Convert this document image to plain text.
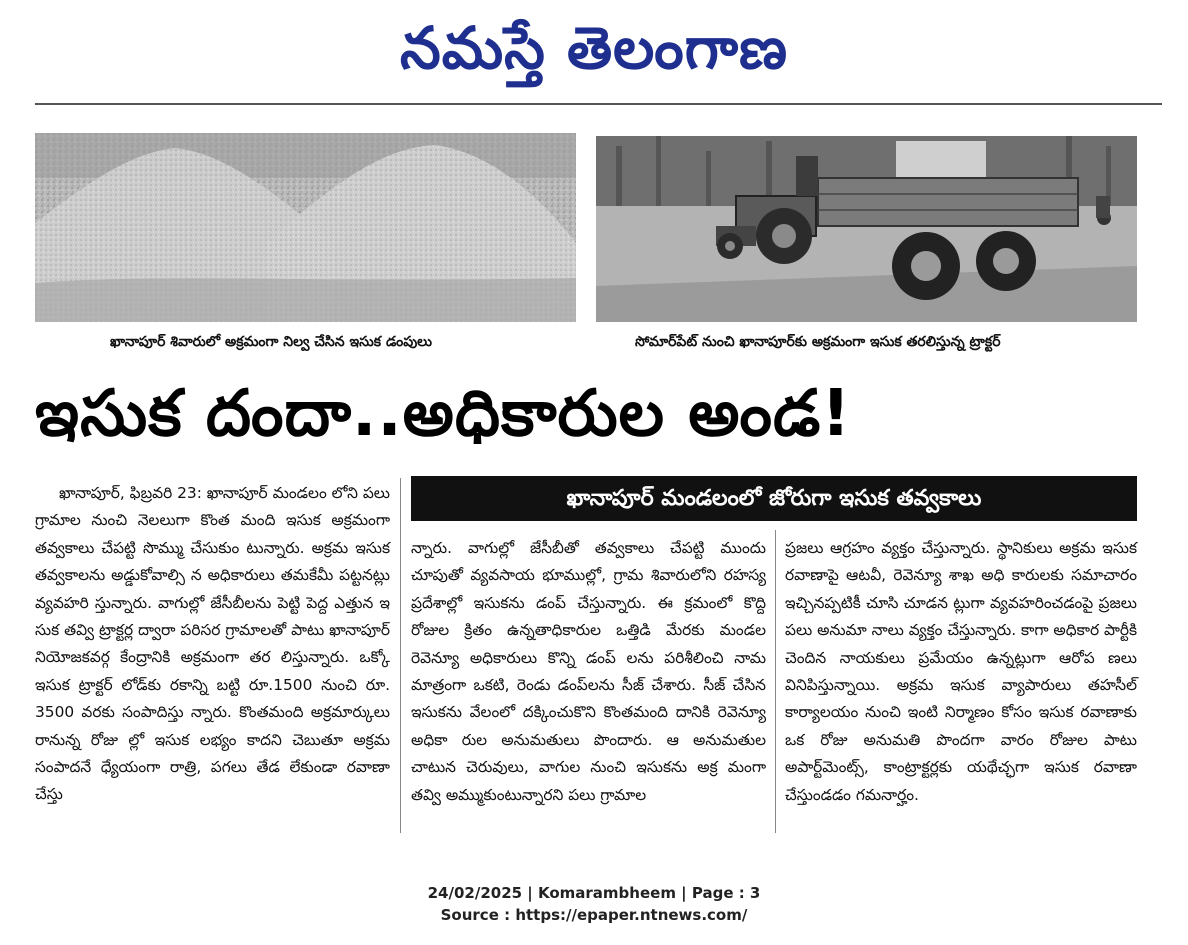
నమస్తే తెలంగాణ
ఖానాపూర్ శివారులో అక్రమంగా నిల్వ చేసిన ఇసుక డంపులు	సోమార్‌పేట్ నుంచి ఖానాపూర్‌కు అక్రమంగా ఇసుక తరలిస్తున్న ట్రాక్టర్
ఇసుక దందా..అధికారుల అండ!
ఖానాపూర్ మండలంలో జోరుగా ఇసుక తవ్వకాలు

ఖానాపూర్, ఫిబ్రవరి 23: ఖానాపూర్ మండలం లోని పలు గ్రామాల నుంచి నెలలుగా కొంత మంది ఇసుక అక్రమంగా తవ్వకాలు చేపట్టి సొమ్ము చేసుకుం టున్నారు. అక్రమ ఇసుక తవ్వకాలను అడ్డుకోవాల్సి న అధికారులు తమకేమీ పట్టనట్లు వ్యవహరి స్తున్నారు. వాగుల్లో జేసీబీలను పెట్టి పెద్ద ఎత్తున ఇ సుక తవ్వి ట్రాక్టర్ల ద్వారా పరిసర గ్రామాలతో పాటు ఖానాపూర్ నియోజకవర్గ కేంద్రానికి అక్రమంగా తర లిస్తున్నారు. ఒక్కో ఇసుక ట్రాక్టర్ లోడ్‌కు రకాన్ని బట్టి రూ.1500 నుంచి రూ. 3500 వరకు సంపాదిస్తు న్నారు. కొంతమంది అక్రమార్కులు రానున్న రోజు ల్లో ఇసుక లభ్యం కాదని చెబుతూ అక్రమ సంపాదనే ధ్యేయంగా రాత్రి, పగలు తేడ లేకుండా రవాణా చేస్తు

న్నారు. వాగుల్లో జేసీబీతో తవ్వకాలు చేపట్టి ముందు చూపుతో వ్యవసాయ భూముల్లో, గ్రామ శివారులోని రహస్య ప్రదేశాల్లో ఇసుకను డంప్ చేస్తున్నారు. ఈ క్రమంలో కొద్ది రోజుల క్రితం ఉన్నతాధికారుల ఒత్తిడి మేరకు మండల రెవెన్యూ అధికారులు కొన్ని డంప్ లను పరిశీలించి నామ మాత్రంగా ఒకటి, రెండు డంప్‌లను సీజ్ చేశారు. సీజ్ చేసిన ఇసుకను వేలంలో దక్కించుకొని కొంతమంది దానికి రెవెన్యూ అధికా రుల అనుమతులు పొందారు. ఆ అనుమతుల చాటున చెరువులు, వాగుల నుంచి ఇసుకను అక్ర మంగా తవ్వి అమ్ముకుంటున్నారని పలు గ్రామాల

ప్రజలు ఆగ్రహం వ్యక్తం చేస్తున్నారు. స్థానికులు అక్రమ ఇసుక రవాణాపై ఆటవీ, రెవెన్యూ శాఖ అధి కారులకు సమాచారం ఇచ్చినప్పటికీ చూసి చూడన ట్లుగా వ్యవహరించడంపై ప్రజలు పలు అనుమా నాలు వ్యక్తం చేస్తున్నారు. కాగా అధికార పార్టీకి చెందిన నాయకులు ప్రమేయం ఉన్నట్లుగా ఆరోప ణలు వినిపిస్తున్నాయి. అక్రమ ఇసుక వ్యాపారులు తహసీల్ కార్యాలయం నుంచి ఇంటి నిర్మాణం కోసం ఇసుక రవాణాకు ఒక రోజు అనుమతి పొందగా వారం రోజుల పాటు అపార్ట్‌మెంట్స్, కాంట్రాక్టర్లకు యథేచ్ఛగా ఇసుక రవాణా చేస్తుండడం గమనార్హం.

24/02/2025 | Komarambheem | Page : 3
Source : https://epaper.ntnews.com/
